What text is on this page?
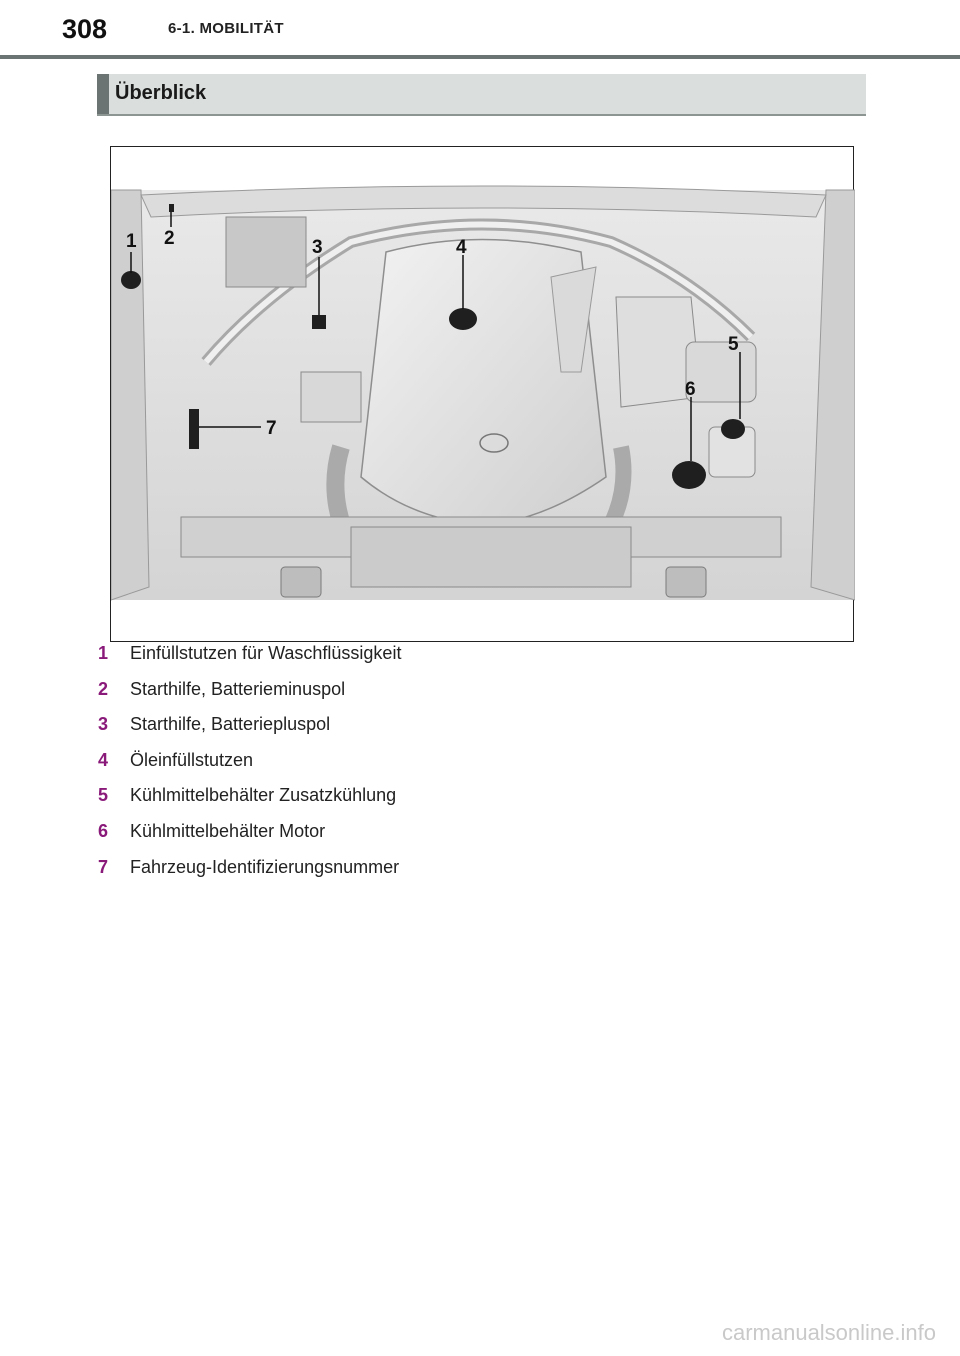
308	6-1. MOBILITÄT
Überblick
1 2	3	4
5
6
7
1	Einfüllstutzen für Waschflüssigkeit
2	Starthilfe, Batterieminuspol
3	Starthilfe, Batteriepluspol
4	Öleinfüllstutzen
5	Kühlmittelbehälter Zusatzkühlung
6	Kühlmittelbehälter Motor
7	Fahrzeug-Identifizierungsnummer
carmanualsonline.info
